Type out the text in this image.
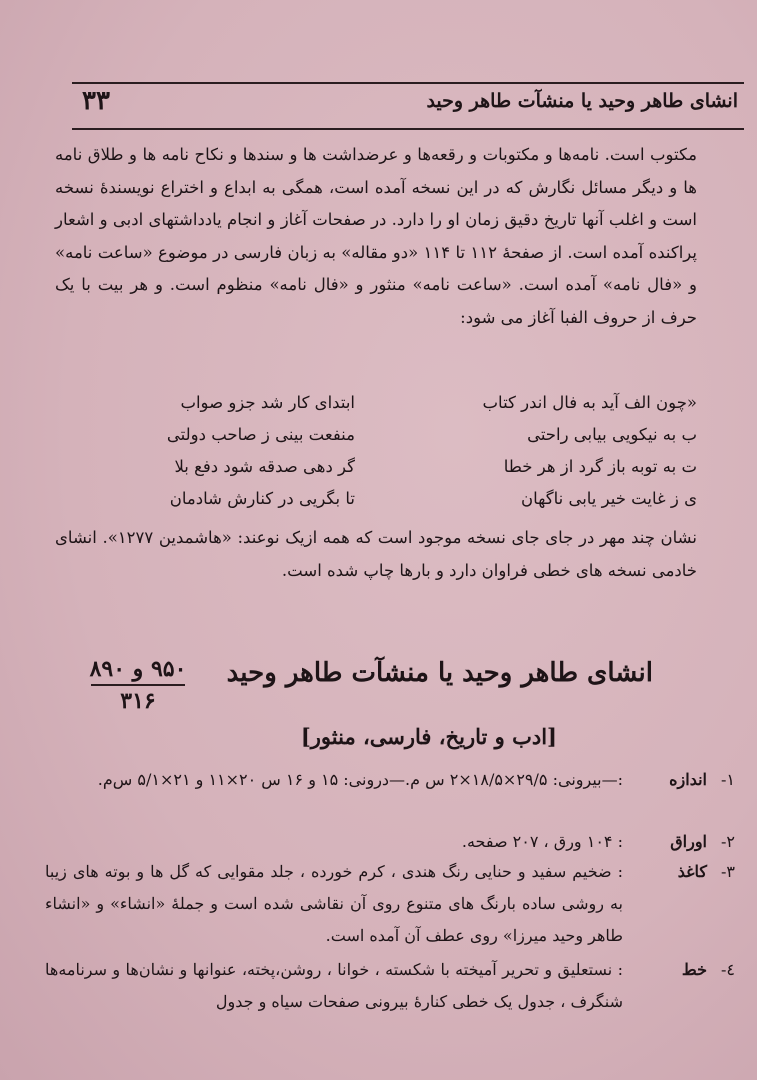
انشای طاهر وحید یا منشآت طاهر وحید
۳۳
مکتوب است. نامه‌ها و مکتوبات و رقعه‌ها و عرضداشت ها و سندها و نکاح نامه ها و طلاق نامه ها و دیگر مسائل نگارش که در این نسخه آمده است، همگی به ابداع و اختراع نویسنده‌ٔ نسخه است و اغلب آنها تاریخ دقیق زمان او را دارد. در صفحات آغاز و انجام یادداشتهای ادبی و اشعار پراکنده آمده است. از صفحهٔ ۱۱۲ تا ۱۱۴ «دو مقاله» به زبان فارسی در موضوع «ساعت نامه» و «فال نامه» آمده است. «ساعت نامه» منثور و «فال نامه» منظوم است. و هر بیت با یک حرف از حروف الفبا آغاز می شود:
«چون الف آید به فال اندر کتاب
ابتدای کار شد جزو صواب
ب به نیکویی بیابی راحتی
منفعت بینی ز صاحب دولتی
ت به توبه باز گرد از هر خطا
گر دهی صدقه شود دفع بلا
ی ز غایت خیر یابی ناگهان
تا بگریی در کنارش شادمان
نشان چند مهر در جای جای نسخه موجود است که همه ازیک نوعند: «هاشمدین ۱۲۷۷». انشای خادمی نسخه های خطی فراوان دارد و بارها چاپ شده است.
انشای طاهر وحید یا منشآت طاهر وحید
۹۵۰ و ۸۹۰
۳۱۶
[ادب و تاریخ، فارسی، منثور]
۱-
اندازه
:—بیرونی: ۲۹/۵×۱۸/۵×۲ س م.—درونی: ۱۵ و ۱۶ س ۲۰×۱۱ و ۲۱×۵/۱ س‌م.
۲-
اوراق
: ۱۰۴ ورق ، ۲۰۷ صفحه.
۳-
کاغذ
: ضخیم سفید و حنایی رنگ هندی ، کرم خورده ، جلد مقوایی که گل ها و بوته های زیبا به روشی ساده بارنگ های متنوع روی آن نقاشی شده است و جملهٔ «انشاء» و «انشاء طاهر وحید میرزا» روی عطف آن آمده است.
٤-
خط
: نستعلیق و تحریر آمیخته با شکسته ، خوانا ، روشن،پخته، عنوانها و نشان‌ها و سرنامه‌ها شنگرف ، جدول یک خطی کنارهٔ بیرونی صفحات سیاه و جدول
